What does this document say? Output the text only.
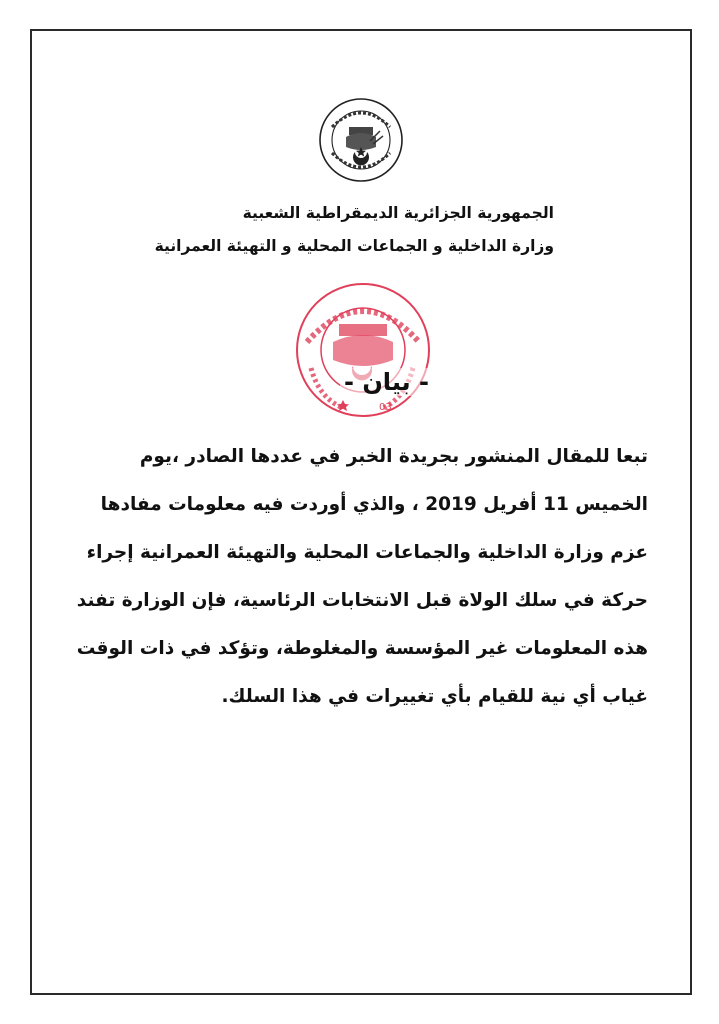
الجمهورية الجزائرية الديمقراطية الشعبية
وزارة الداخلية و الجماعات المحلية و التهيئة العمرانية
03
- بيان -
تبعا للمقال المنشور بجريدة الخبر في عددها الصادر ،يوم
الخميس 11 أفريل 2019 ، والذي أوردت فيه معلومات مفادها
عزم وزارة الداخلية والجماعات المحلية والتهيئة العمرانية إجراء
حركة في سلك الولاة قبل الانتخابات الرئاسية، فإن الوزارة تفند
هذه المعلومات غير المؤسسة والمغلوطة، وتؤكد في ذات الوقت
غياب أي نية للقيام بأي تغييرات في هذا السلك.
